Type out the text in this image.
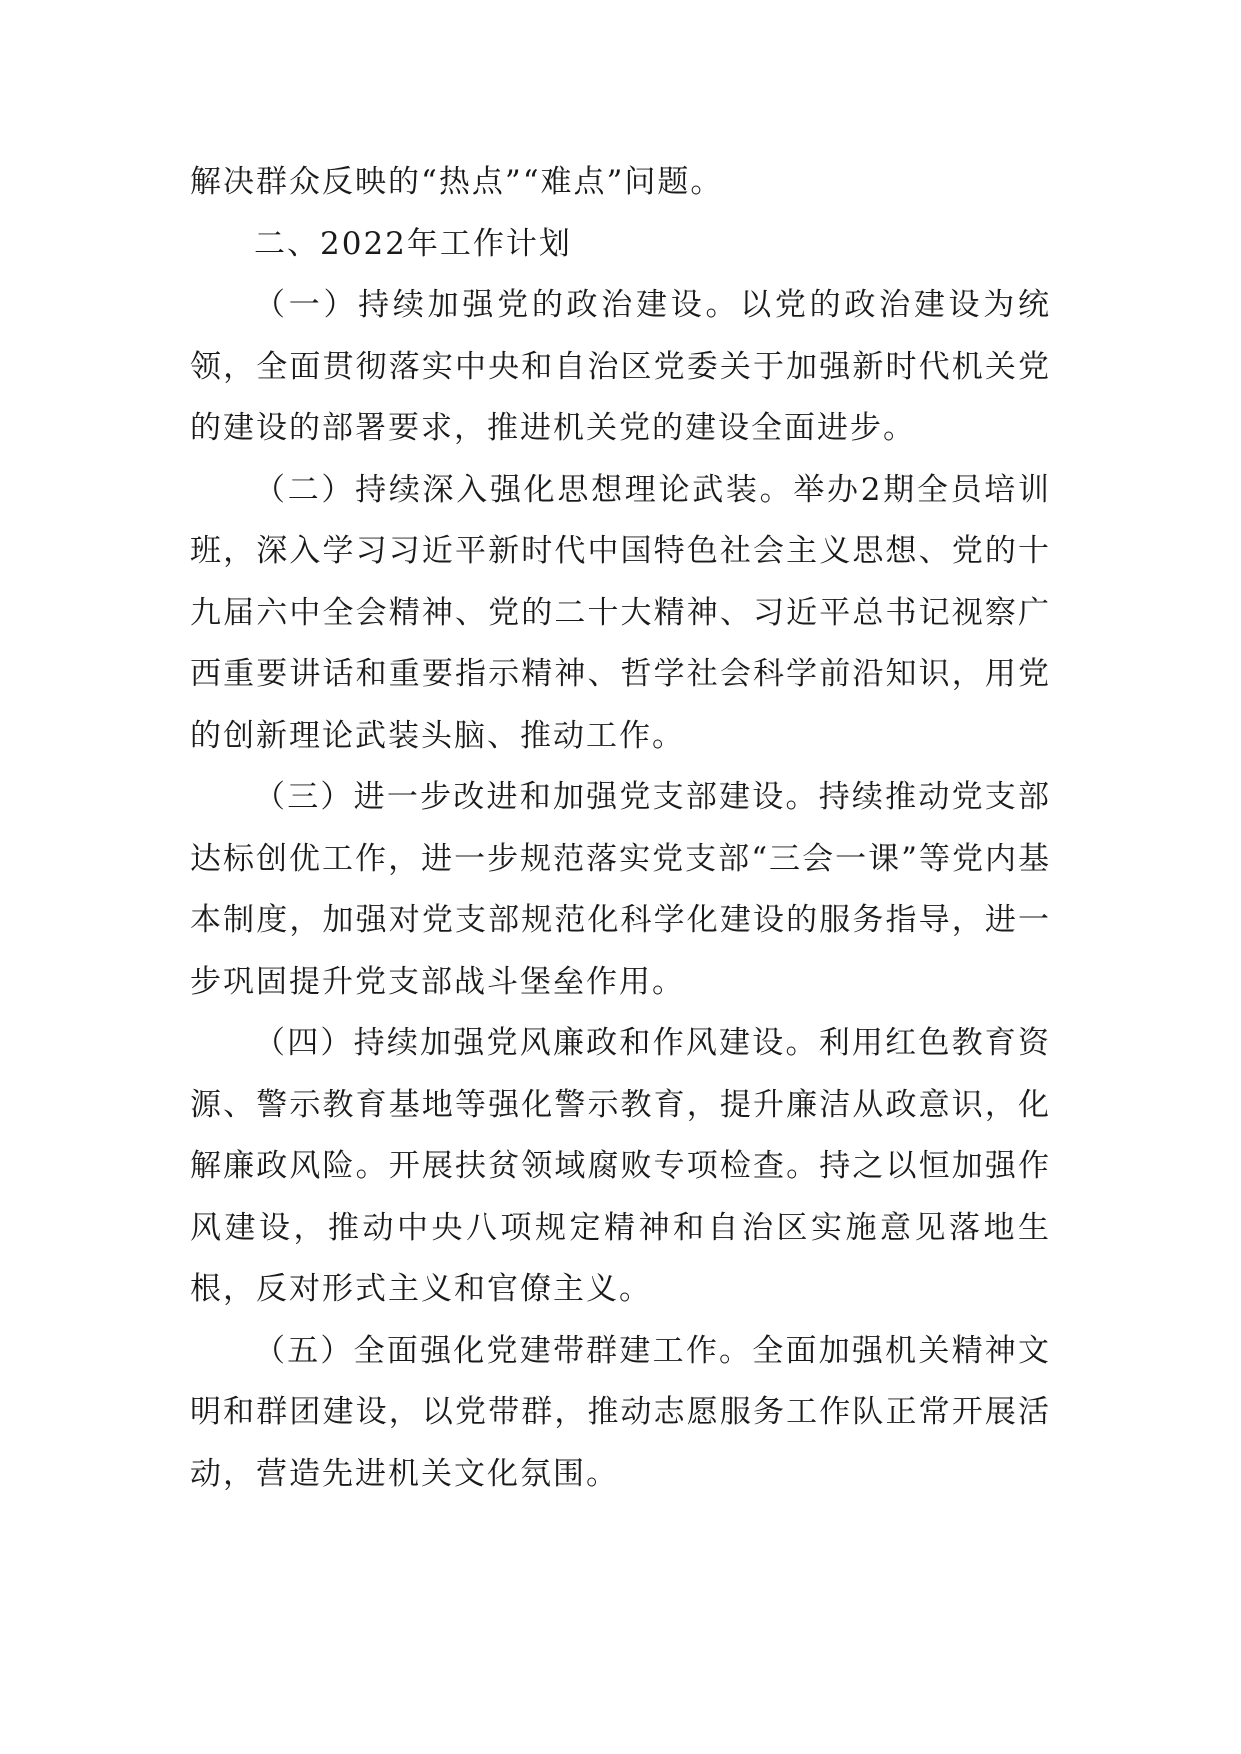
解决群众反映的“热点”“难点”问题。

二、2022年工作计划

（一）持续加强党的政治建设。以党的政治建设为统领，全面贯彻落实中央和自治区党委关于加强新时代机关党的建设的部署要求，推进机关党的建设全面进步。

（二）持续深入强化思想理论武装。举办2期全员培训班，深入学习习近平新时代中国特色社会主义思想、党的十九届六中全会精神、党的二十大精神、习近平总书记视察广西重要讲话和重要指示精神、哲学社会科学前沿知识，用党的创新理论武装头脑、推动工作。

（三）进一步改进和加强党支部建设。持续推动党支部达标创优工作，进一步规范落实党支部“三会一课”等党内基本制度，加强对党支部规范化科学化建设的服务指导，进一步巩固提升党支部战斗堡垒作用。

（四）持续加强党风廉政和作风建设。利用红色教育资源、警示教育基地等强化警示教育，提升廉洁从政意识，化解廉政风险。开展扶贫领域腐败专项检查。持之以恒加强作风建设，推动中央八项规定精神和自治区实施意见落地生根，反对形式主义和官僚主义。

（五）全面强化党建带群建工作。全面加强机关精神文明和群团建设，以党带群，推动志愿服务工作队正常开展活动，营造先进机关文化氛围。
